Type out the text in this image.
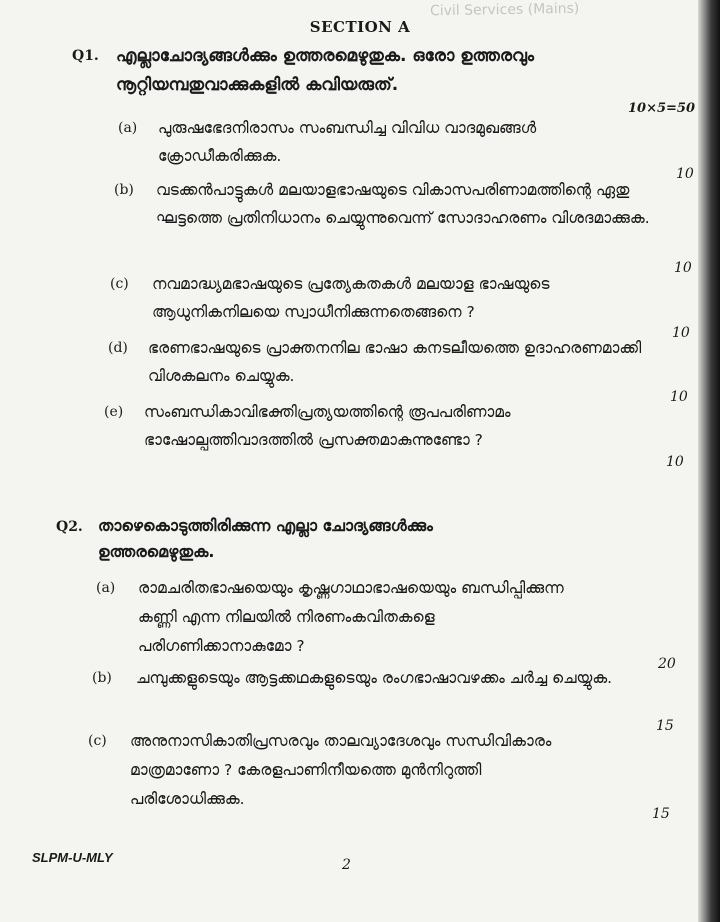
Civil Services (Mains)
SECTION A
Q1. എല്ലാചോദ്യങ്ങൾക്കും ഉത്തരമെഴുതുക. ഒരോ ഉത്തരവും നൂറ്റിയമ്പതുവാക്കുകളിൽ കവിയരുത്.
10×5=50
(a) പുരുഷഭേദനിരാസം സംബന്ധിച്ച വിവിധ വാദമുഖങ്ങൾ ക്രോഡീകരിക്കുക.
10
(b) വടക്കൻപാട്ടുകൾ മലയാളഭാഷയുടെ വികാസപരിണാമത്തിന്റെ ഏതു ഘട്ടത്തെ പ്രതിനിധാനം ചെയ്യുന്നുവെന്ന് സോദാഹരണം വിശദമാക്കുക.
10
(c) നവമാദ്ധ്യമഭാഷയുടെ പ്രത്യേകതകൾ മലയാള ഭാഷയുടെ ആധുനികനിലയെ സ്വാധീനിക്കുന്നതെങ്ങനെ ?
10
(d) ഭരണഭാഷയുടെ പ്രാക്തനനില ഭാഷാ കനടലീയത്തെ ഉദാഹരണമാക്കി വിശകലനം ചെയ്യുക.
10
(e) സംബന്ധികാവിഭക്തിപ്രത്യയത്തിന്റെ രൂപപരിണാമം ഭാഷോല്പത്തിവാദത്തിൽ പ്രസക്തമാകുന്നുണ്ടോ ?
10
Q2. താഴെകൊടുത്തിരിക്കുന്ന എല്ലാ ചോദ്യങ്ങൾക്കും ഉത്തരമെഴുതുക.
(a) രാമചരിതഭാഷയെയും കൃഷ്ണഗാഥാഭാഷയെയും ബന്ധിപ്പിക്കുന്ന കണ്ണി എന്ന നിലയിൽ നിരണംകവിതകളെ പരിഗണിക്കാനാകുമോ ?
20
(b) ചമ്പുക്കളുടെയും ആട്ടക്കഥകളുടെയും രംഗഭാഷാവഴക്കം ചർച്ച ചെയ്യുക.
15
(c) അനുനാസികാതിപ്രസരവും താലവ്യാദേശവും സന്ധിവികാരം മാത്രമാണോ ? കേരളപാണിനീയത്തെ മുൻനിറുത്തി പരിശോധിക്കുക.
15
SLPM-U-MLY	2
